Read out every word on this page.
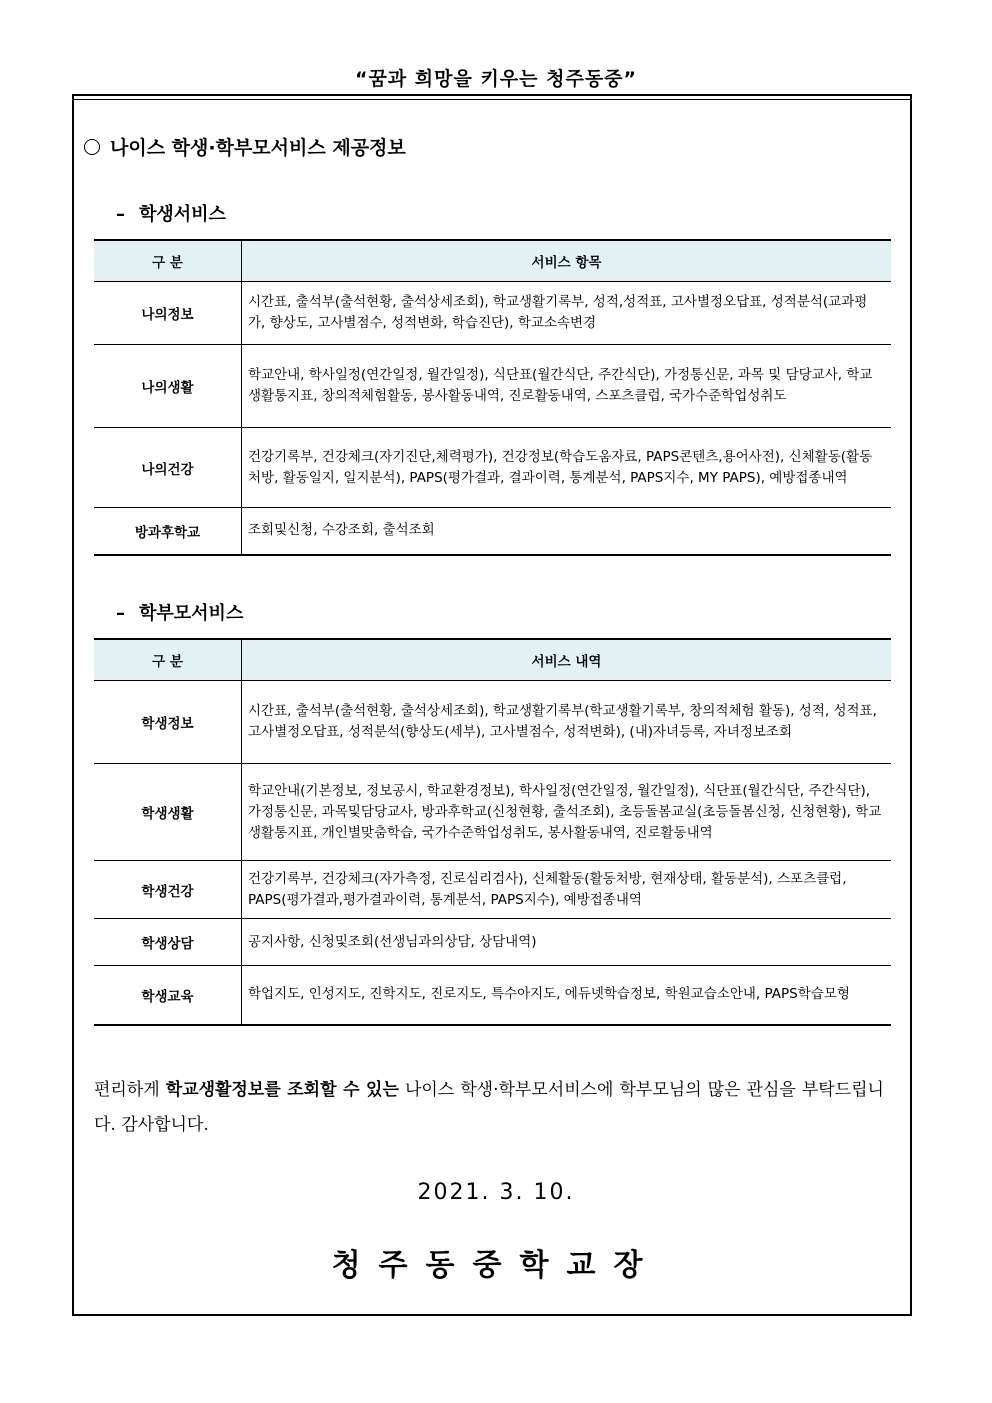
“꿈과 희망을 키우는 청주동중”
나이스 학생·학부모서비스 제공정보
– 학생서비스
구 분	서비스 항목
나의정보	시간표, 출석부(출석현황, 출석상세조회), 학교생활기록부, 성적,성적표, 고사별정오답표, 성적분석(교과평가, 향상도, 고사별점수, 성적변화, 학습진단), 학교소속변경
나의생활	학교안내, 학사일정(연간일정, 월간일정), 식단표(월간식단, 주간식단), 가정통신문, 과목 및 담당교사, 학교생활통지표, 창의적체험활동, 봉사활동내역, 진로활동내역, 스포츠클럽, 국가수준학업성취도
나의건강	건강기록부, 건강체크(자기진단,체력평가), 건강정보(학습도움자료, PAPS콘텐츠,용어사전), 신체활동(활동처방, 활동일지, 일지분석), PAPS(평가결과, 결과이력, 통계분석, PAPS지수, MY PAPS), 예방접종내역
방과후학교	조회및신청, 수강조회, 출석조회
– 학부모서비스
구 분	서비스 내역
학생정보	시간표, 출석부(출석현황, 출석상세조회), 학교생활기록부(학교생활기록부, 창의적체험 활동), 성적, 성적표, 고사별정오답표, 성적분석(향상도(세부), 고사별점수, 성적변화), (내)자녀등록, 자녀정보조회
학생생활	학교안내(기본정보, 정보공시, 학교환경정보), 학사일정(연간일정, 월간일정), 식단표(월간식단, 주간식단), 가정통신문, 과목및담당교사, 방과후학교(신청현황, 출석조회), 초등돌봄교실(초등돌봄신청, 신청현황), 학교생활통지표, 개인별맞춤학습, 국가수준학업성취도, 봉사활동내역, 진로활동내역
학생건강	건강기록부, 건강체크(자가측정, 진로심리검사), 신체활동(활동처방, 현재상태, 활동분석), 스포츠클럽, PAPS(평가결과,평가결과이력, 통계분석, PAPS지수), 예방접종내역
학생상담	공지사항, 신청및조회(선생님과의상담, 상담내역)
학생교육	학업지도, 인성지도, 진학지도, 진로지도, 특수아지도, 에듀넷학습정보, 학원교습소안내, PAPS학습모형
편리하게 학교생활정보를 조회할 수 있는 나이스 학생·학부모서비스에 학부모님의 많은 관심을 부탁드립니다. 감사합니다.
2021. 3. 10.
청주동중학교장
